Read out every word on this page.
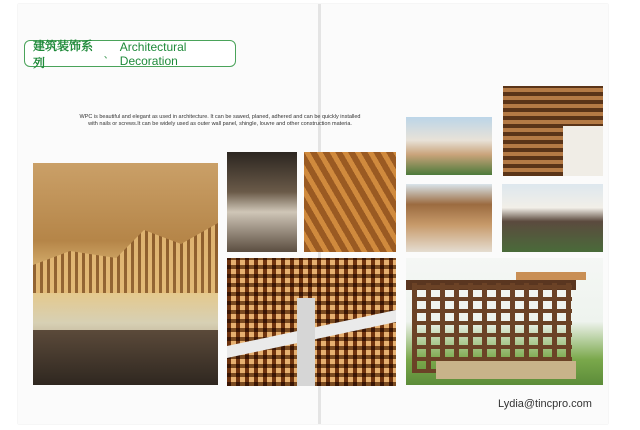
建筑装饰系列	、
Architectural Decoration
WPC is beautiful and elegant as used in architecture. It can be sawed, planed, adhered and can be quickly installed
with nails or screws.It can be widely used as outer wall panel, shingle, louvre and other construction materia.
Lydia@tincpro.com
